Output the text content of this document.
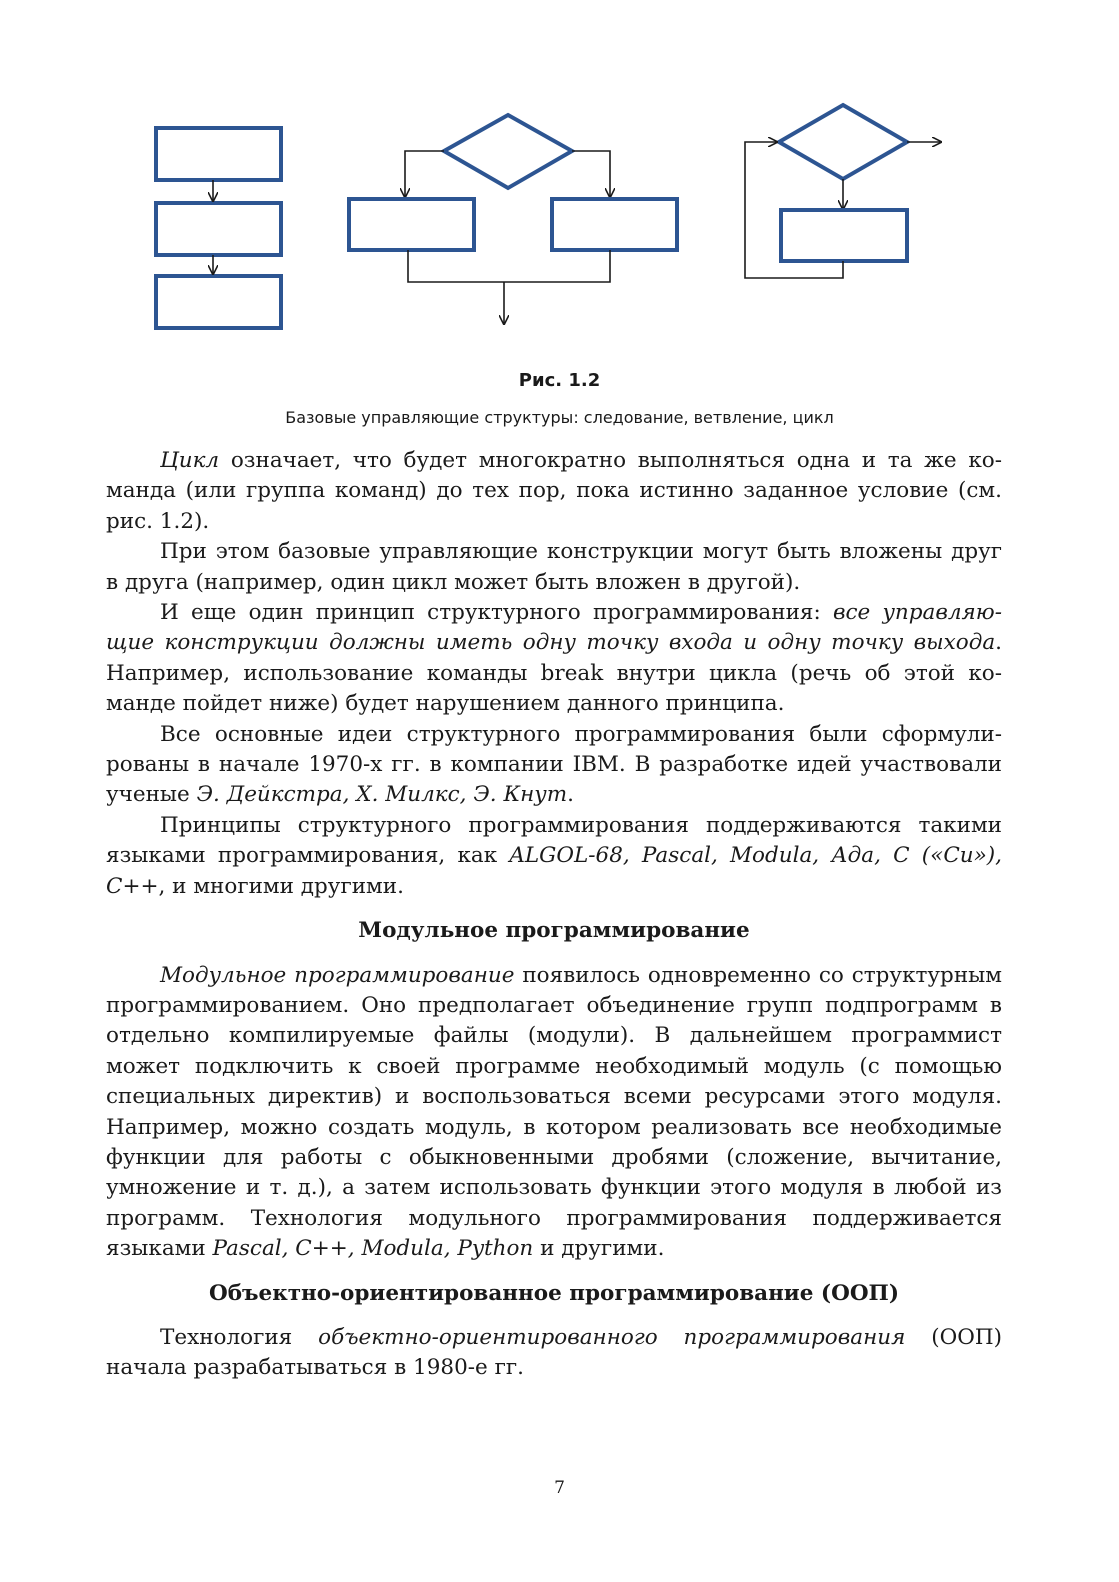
Рис. 1.2
Базовые управляющие структуры: следование, ветвление, цикл

Цикл означает, что будет многократно выполняться одна и та же команда (или группа команд) до тех пор, пока истинно заданное условие (см. рис. 1.2).

При этом базовые управляющие конструкции могут быть вложены друг в друга (например, один цикл может быть вложен в другой).

И еще один принцип структурного программирования: все управляющие конструкции должны иметь одну точку входа и одну точку выхода. Например, использование команды break внутри цикла (речь об этой команде пойдет ниже) будет нарушением данного принципа.

Все основные идеи структурного программирования были сформулированы в начале 1970-х гг. в компании IBM. В разработке идей участвовали ученые Э. Дейкстра, Х. Милкс, Э. Кнут.

Принципы структурного программирования поддерживаются такими языками программирования, как ALGOL-68, Pascal, Modula, Ада, C («Си»), C++, и многими другими.

Модульное программирование

Модульное программирование появилось одновременно со структурным программированием. Оно предполагает объединение групп подпрограмм в отдельно компилируемые файлы (модули). В дальнейшем программист может подключить к своей программе необходимый модуль (с помощью специальных директив) и воспользоваться всеми ресурсами этого модуля. Например, можно создать модуль, в котором реализовать все необходимые функции для работы с обыкновенными дробями (сложение, вычитание, умножение и т. д.), а затем использовать функции этого модуля в любой из программ. Технология модульного программирования поддерживается языками Pascal, C++, Modula, Python и другими.

Объектно-ориентированное программирование (ООП)

Технология объектно-ориентированного программирования (ООП) начала разрабатываться в 1980-е гг.

7
